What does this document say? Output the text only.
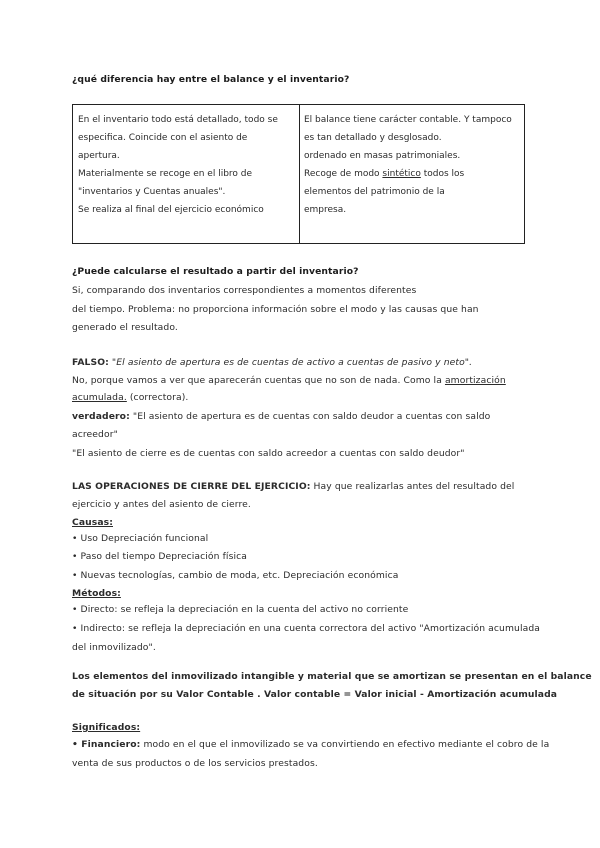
¿qué diferencia hay entre el balance y el inventario?
En el inventario todo está detallado, todo se
especifica. Coincide con el asiento de
apertura.
Materialmente se recoge en el libro de
"inventarios y Cuentas anuales".
Se realiza al final del ejercicio económico
El balance tiene carácter contable. Y tampoco
es tan detallado y desglosado.
ordenado en masas patrimoniales.
Recoge de modo sintético todos los
elementos del patrimonio de la
empresa.
¿Puede calcularse el resultado a partir del inventario?
Si, comparando dos inventarios correspondientes a momentos diferentes
del tiempo. Problema: no proporciona información sobre el modo y las causas que han
generado el resultado.
FALSO: "El asiento de apertura es de cuentas de activo a cuentas de pasivo y neto".
No, porque vamos a ver que aparecerán cuentas que no son de nada. Como la amortización
acumulada. (correctora).
verdadero: "El asiento de apertura es de cuentas con saldo deudor a cuentas con saldo
acreedor"
"El asiento de cierre es de cuentas con saldo acreedor a cuentas con saldo deudor"
LAS OPERACIONES DE CIERRE DEL EJERCICIO: Hay que realizarlas antes del resultado del
ejercicio y antes del asiento de cierre.
Causas:
• Uso Depreciación funcional
• Paso del tiempo Depreciación física
• Nuevas tecnologías, cambio de moda, etc. Depreciación económica
Métodos:
• Directo: se refleja la depreciación en la cuenta del activo no corriente
• Indirecto: se refleja la depreciación en una cuenta correctora del activo "Amortización acumulada
del inmovilizado".
Los elementos del inmovilizado intangible y material que se amortizan se presentan en el balance
de situación por su Valor Contable . Valor contable = Valor inicial - Amortización acumulada
Significados:
• Financiero: modo en el que el inmovilizado se va convirtiendo en efectivo mediante el cobro de la
venta de sus productos o de los servicios prestados.
